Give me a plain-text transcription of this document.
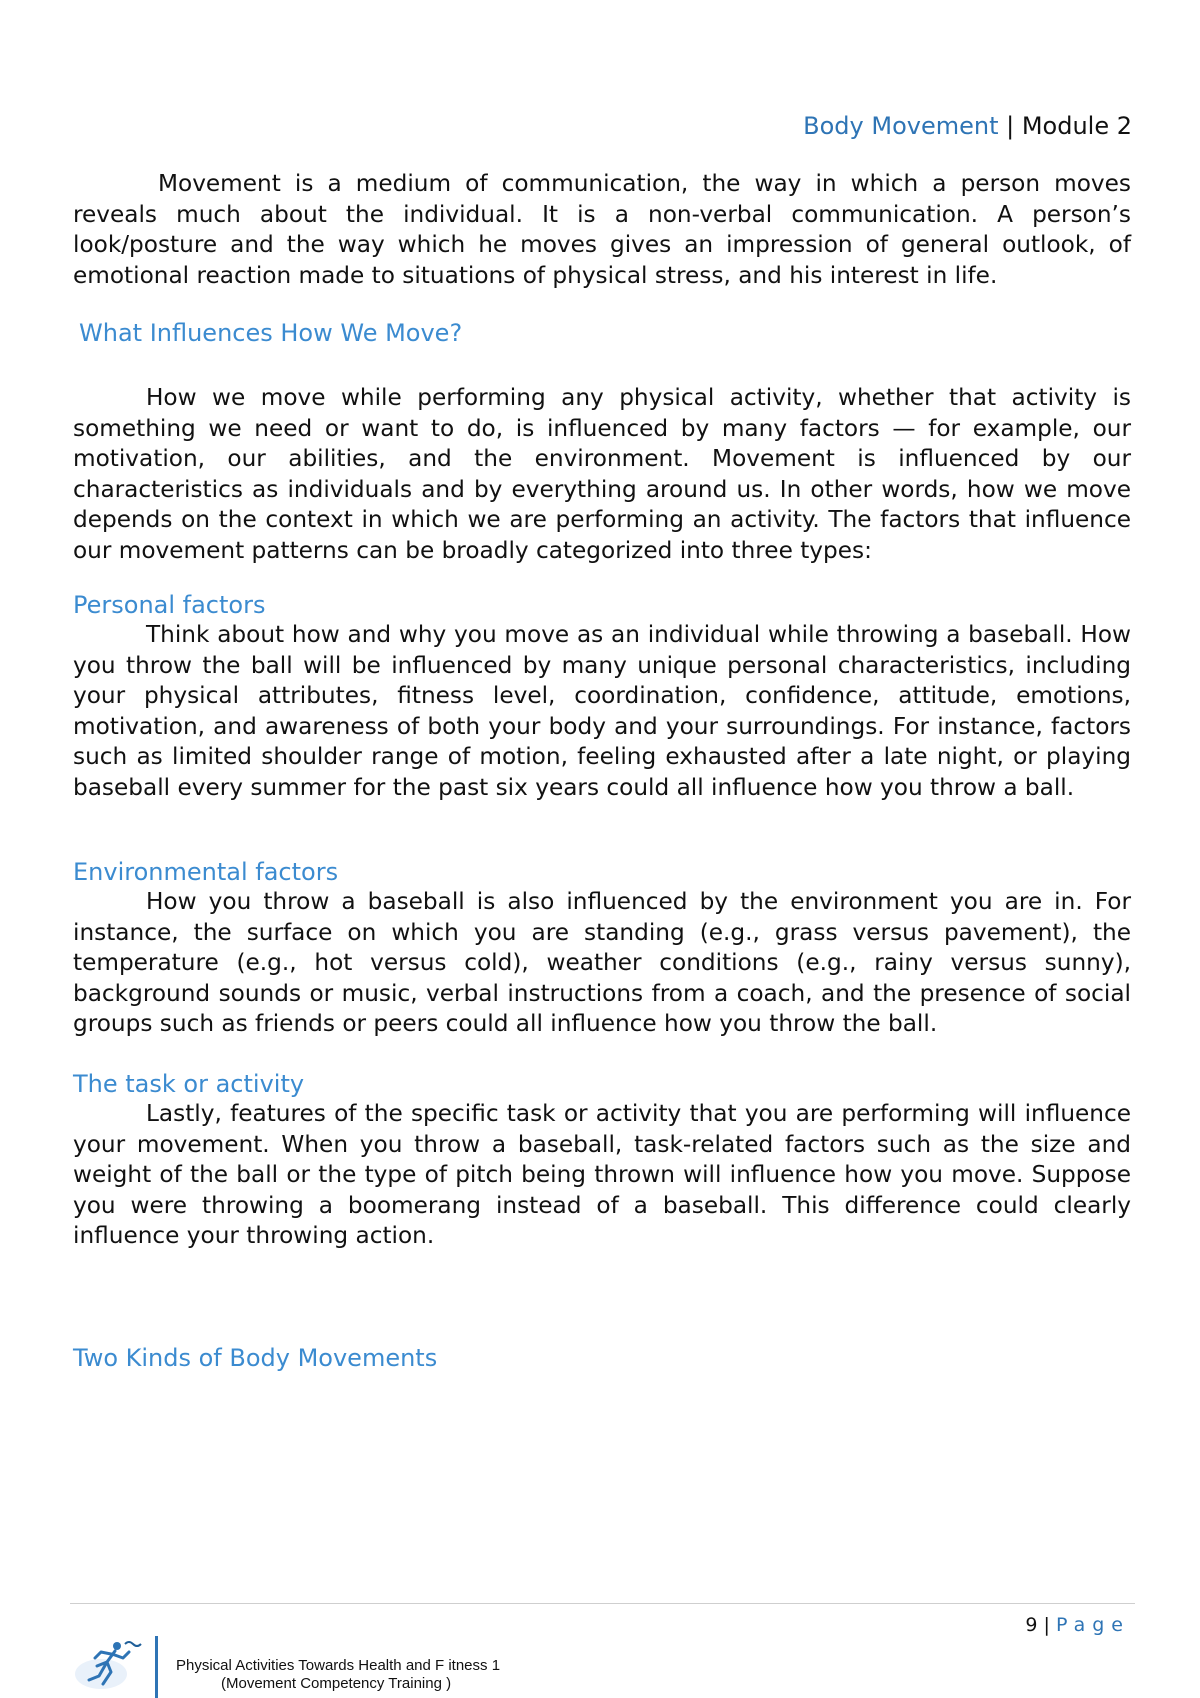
Body Movement | Module 2

Movement is a medium of communication, the way in which a person moves reveals much about the individual. It is a non-verbal communication. A person’s look/posture and the way which he moves gives an impression of general outlook, of emotional reaction made to situations of physical stress, and his interest in life.

What Influences How We Move?

How we move while performing any physical activity, whether that activity is something we need or want to do, is influenced by many factors — for example, our motivation, our abilities, and the environment. Movement is influenced by our characteristics as individuals and by everything around us. In other words, how we move depends on the context in which we are performing an activity. The factors that influence our movement patterns can be broadly categorized into three types:

Personal factors

Think about how and why you move as an individual while throwing a baseball. How you throw the ball will be influenced by many unique personal characteristics, including your physical attributes, fitness level, coordination, confidence, attitude, emotions, motivation, and awareness of both your body and your surroundings. For instance, factors such as limited shoulder range of motion, feeling exhausted after a late night, or playing baseball every summer for the past six years could all influence how you throw a ball.

Environmental factors

How you throw a baseball is also influenced by the environment you are in. For instance, the surface on which you are standing (e.g., grass versus pavement), the temperature (e.g., hot versus cold), weather conditions (e.g., rainy versus sunny), background sounds or music, verbal instructions from a coach, and the presence of social groups such as friends or peers could all influence how you throw the ball.

The task or activity

Lastly, features of the specific task or activity that you are performing will influence your movement. When you throw a baseball, task-related factors such as the size and weight of the ball or the type of pitch being thrown will influence how you move. Suppose you were throwing a boomerang instead of a baseball. This difference could clearly influence your throwing action.

Two Kinds of Body Movements
9 | Page
Physical Activities Towards Health and F itness 1
(Movement Competency Training )
